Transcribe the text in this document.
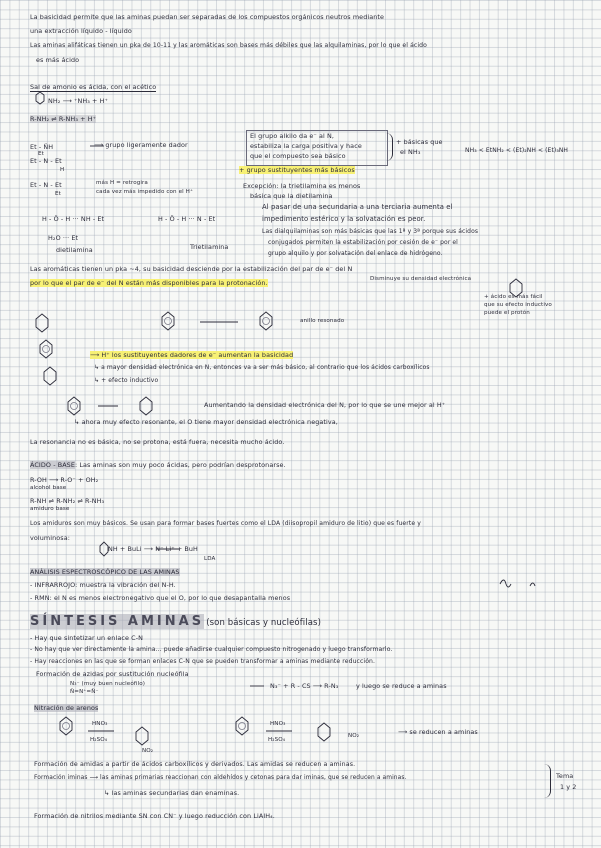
La basicidad permite que las aminas puedan ser separadas de los compuestos orgánicos neutros mediante
una extracción líquido - líquido
Las aminas alifáticas tienen un pka de 10-11 y las aromáticas son bases más débiles que las alquilaminas, por lo que el ácido
es más ácido
Sal de amonio es ácida, con el acético
NH₂ ⟶ ⁺NH₃ + H⁺
R-NH₂ ⇌ R-NH₃ + H⁺
Et - N̈H
Et
Et - N - Et
H
Et - N - Et
Et
⟶ grupo ligeramente dador
más H = retrogira
cada vez más impedido con el H⁺
El grupo alkilo da e⁻ al N,
estabiliza la carga positiva y hace
que el compuesto sea básico
+ básicas que
el NH₃	NH₃ < EtNH₂ < (Et)₂NH < (Et)₃NH
+ grupo sustituyentes más básicos
Excepción: la trietilamina es menos
básica que la dietilamina
H - Ö - H ··· NH - Et
H₂O ··· Et
H - Ö - H ··· N - Et
dietilamina	Trietilamina
Al pasar de una secundaria a una terciaria aumenta el
impedimento estérico y la solvatación es peor.
Las dialquilaminas son más básicas que las 1ª y 3ª porque sus ácidos
conjugados permiten la estabilización por cesión de e⁻ por el
grupo alquilo y por solvatación del enlace de hidrógeno.
Las aromáticas tienen un pka ~4, su basicidad desciende por la estabilización del par de e⁻ del N
por lo que el par de e⁻ del N están más disponibles para la protonación.	Disminuye su densidad electrónica
anillo resonado
+ ácido es más fácil
que su efecto inductivo
puede el protón
⟶ H⁺ los sustituyentes dadores de e⁻ aumentan la basicidad
↳ a mayor densidad electrónica en N, entonces va a ser más básico, al contrario que los ácidos carboxílicos
↳ + efecto inductivo
Aumentando la densidad electrónica del N, por lo que se une mejor al H⁺
↳ ahora muy efecto resonante, el O tiene mayor densidad electrónica negativa,
La resonancia no es básica, no se protona, está fuera, necesita mucho ácido.
ÁCIDO - BASE: Las aminas son muy poco ácidas, pero podrían desprotonarse.
R-OH ⟶ R-O⁻ + OH₂
alcohol base
R-NH ⇌ R-NH₂ ⇌ R-NH₃
amiduro base
Los amiduros son muy básicos. Se usan para formar bases fuertes como el LDA (diisopropil amiduro de litio) que es fuerte y
voluminosa:
NH + BuLi ⟶ N⁻ Li⁺ + BuH
LDA
ANÁLISIS ESPECTROSCÓPICO DE LAS AMINAS
- INFRARROJO: muestra la vibración del N-H.
- RMN: el N es menos electronegativo que el O, por lo que desapantalla menos
SÍNTESIS AMINAS (son básicas y nucleófilas)
- Hay que sintetizar un enlace C-N
- No hay que ver directamente la amina... puede añadirse cualquier compuesto nitrogenado y luego transformarlo.
- Hay reacciones en las que se forman enlaces C-N que se pueden transformar a aminas mediante reducción.
Formación de azidas por sustitución nucleófila
N₃⁻ (muy buen nucleófilo)
N̈=N⁺=N̈⁻
N₃⁻ + R - CS ⟶ R-N₃	y luego se reduce a aminas
Nitración de arenos
HNO₃
H₂SO₄
NO₂
HNO₃
H₂SO₄
NO₂	⟶ se reducen a aminas
Formación de amidas a partir de ácidos carboxílicos y derivados. Las amidas se reducen a aminas.
Formación iminas ⟶ las aminas primarias reaccionan con aldehídos y cetonas para dar iminas, que se reducen a aminas.
↳ las aminas secundarias dan enaminas.
Formación de nitrilos mediante SN con CN⁻ y luego reducción con LiAlH₄.
Tema
1 y 2
